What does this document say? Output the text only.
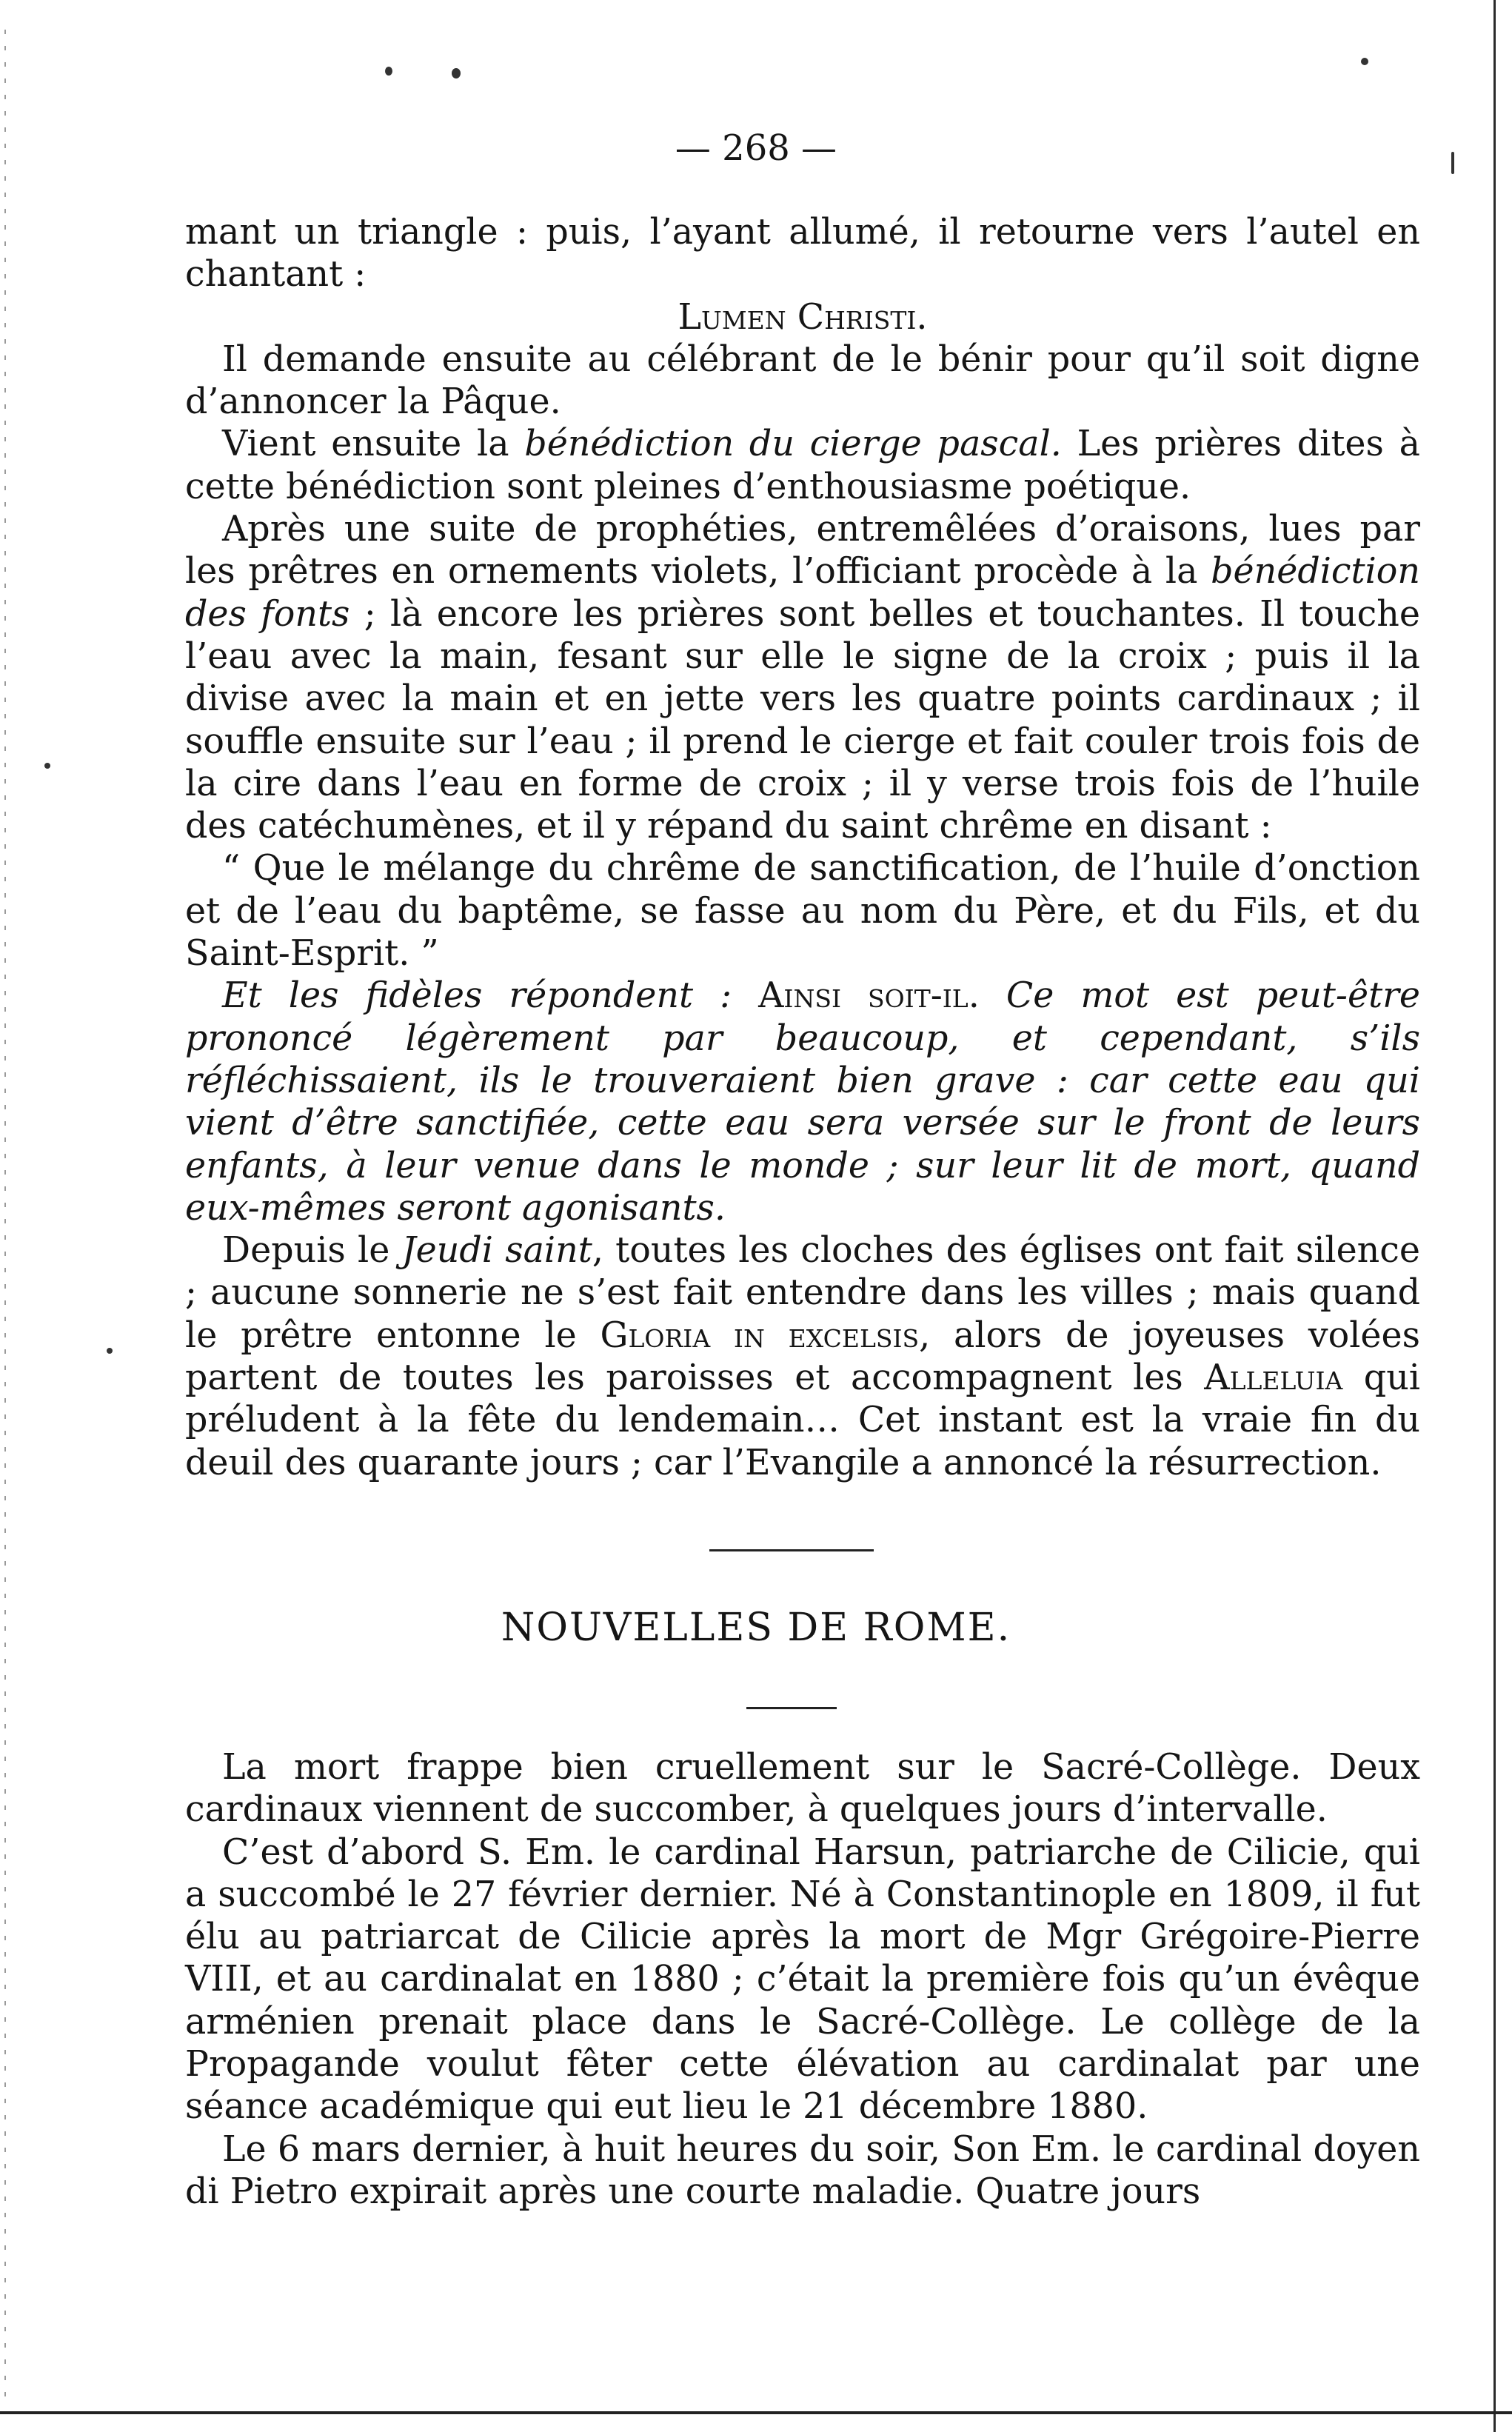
— 268 —

mant un triangle : puis, l’ayant allumé, il retourne vers l’autel en chantant :

Lumen Christi.

Il demande ensuite au célébrant de le bénir pour qu’il soit digne d’annoncer la Pâque.

Vient ensuite la bénédiction du cierge pascal. Les prières dites à cette bénédiction sont pleines d’enthousiasme poétique.

Après une suite de prophéties, entremêlées d’oraisons, lues par les prêtres en ornements violets, l’officiant procède à la bénédiction des fonts ; là encore les prières sont belles et touchantes. Il touche l’eau avec la main, fesant sur elle le signe de la croix ; puis il la divise avec la main et en jette vers les quatre points cardinaux ; il souffle ensuite sur l’eau ; il prend le cierge et fait couler trois fois de la cire dans l’eau en forme de croix ; il y verse trois fois de l’huile des catéchumènes, et il y répand du saint chrême en disant :

“ Que le mélange du chrême de sanctification, de l’huile d’onction et de l’eau du baptême, se fasse au nom du Père, et du Fils, et du Saint-Esprit. ”

Et les fidèles répondent : Ainsi soit-il. Ce mot est peut-être prononcé légèrement par beaucoup, et cependant, s’ils réfléchissaient, ils le trouveraient bien grave : car cette eau qui vient d’être sanctifiée, cette eau sera versée sur le front de leurs enfants, à leur venue dans le monde ; sur leur lit de mort, quand eux-mêmes seront agonisants.

Depuis le Jeudi saint, toutes les cloches des églises ont fait silence ; aucune sonnerie ne s’est fait entendre dans les villes ; mais quand le prêtre entonne le Gloria in excelsis, alors de joyeuses volées partent de toutes les paroisses et accompagnent les Alleluia qui préludent à la fête du lendemain… Cet instant est la vraie fin du deuil des quarante jours ; car l’Evangile a annoncé la résurrection.

NOUVELLES DE ROME.

La mort frappe bien cruellement sur le Sacré-Collège. Deux cardinaux viennent de succomber, à quelques jours d’intervalle.

C’est d’abord S. Em. le cardinal Harsun, patriarche de Cilicie, qui a succombé le 27 février dernier. Né à Constantinople en 1809, il fut élu au patriarcat de Cilicie après la mort de Mgr Grégoire-Pierre VIII, et au cardinalat en 1880 ; c’était la première fois qu’un évêque arménien prenait place dans le Sacré-Collège. Le collège de la Propagande voulut fêter cette élévation au cardinalat par une séance académique qui eut lieu le 21 décembre 1880.

Le 6 mars dernier, à huit heures du soir, Son Em. le cardinal doyen di Pietro expirait après une courte maladie. Quatre jours
